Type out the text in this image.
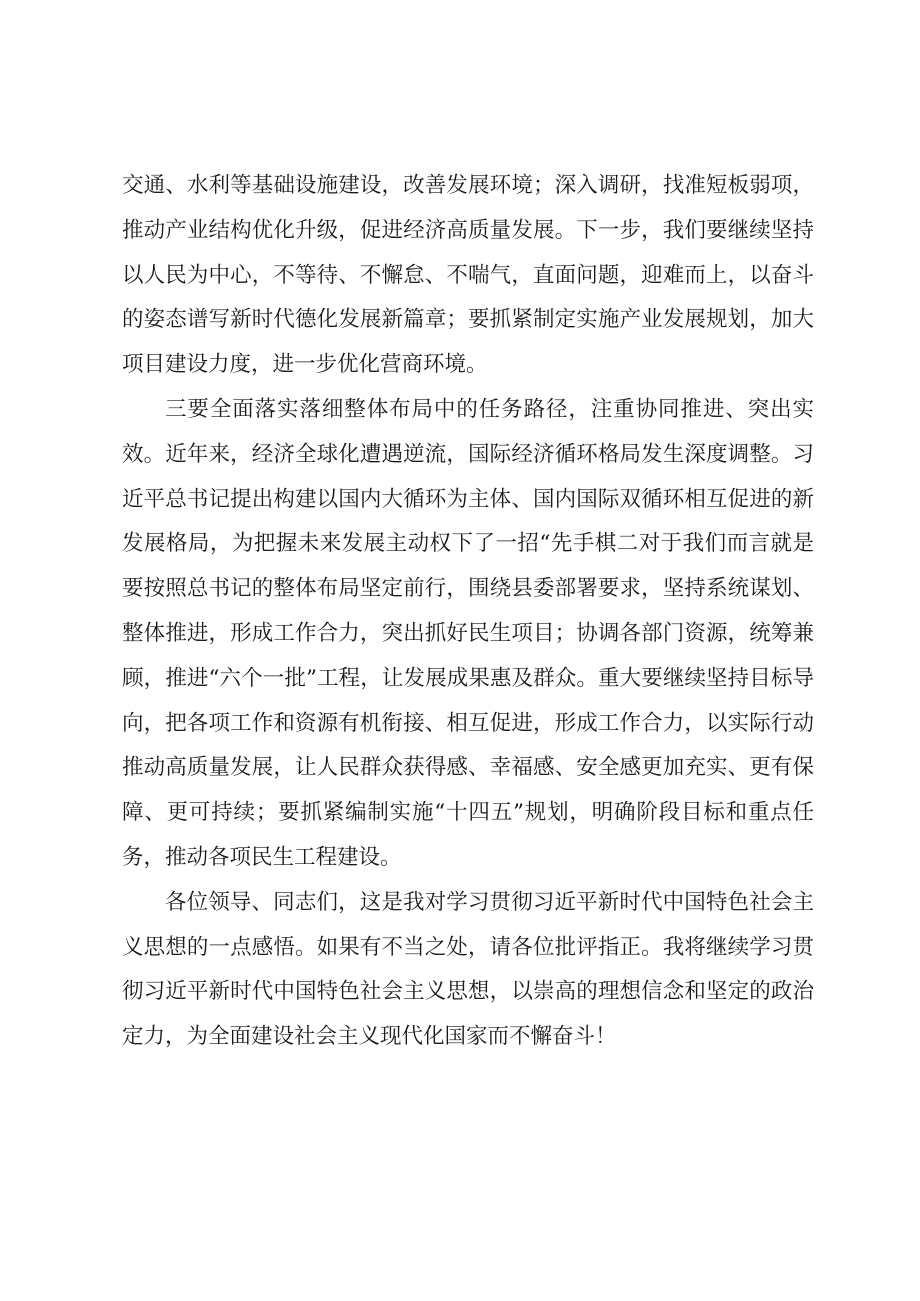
交通、水利等基础设施建设，改善发展环境；深入调研，找准短板弱项，推动产业结构优化升级，促进经济高质量发展。下一步，我们要继续坚持以人民为中心，不等待、不懈怠、不喘气，直面问题，迎难而上，以奋斗的姿态谱写新时代德化发展新篇章；要抓紧制定实施产业发展规划，加大项目建设力度，进一步优化营商环境。

三要全面落实落细整体布局中的任务路径，注重协同推进、突出实效。近年来，经济全球化遭遇逆流，国际经济循环格局发生深度调整。习近平总书记提出构建以国内大循环为主体、国内国际双循环相互促进的新发展格局，为把握未来发展主动权下了一招“先手棋二对于我们而言就是要按照总书记的整体布局坚定前行，围绕县委部署要求，坚持系统谋划、整体推进，形成工作合力，突出抓好民生项目；协调各部门资源，统筹兼顾，推进“六个一批”工程，让发展成果惠及群众。重大要继续坚持目标导向，把各项工作和资源有机衔接、相互促进，形成工作合力，以实际行动推动高质量发展，让人民群众获得感、幸福感、安全感更加充实、更有保障、更可持续；要抓紧编制实施“十四五”规划，明确阶段目标和重点任务，推动各项民生工程建设。

各位领导、同志们，这是我对学习贯彻习近平新时代中国特色社会主义思想的一点感悟。如果有不当之处，请各位批评指正。我将继续学习贯彻习近平新时代中国特色社会主义思想，以崇高的理想信念和坚定的政治定力，为全面建设社会主义现代化国家而不懈奋斗！
